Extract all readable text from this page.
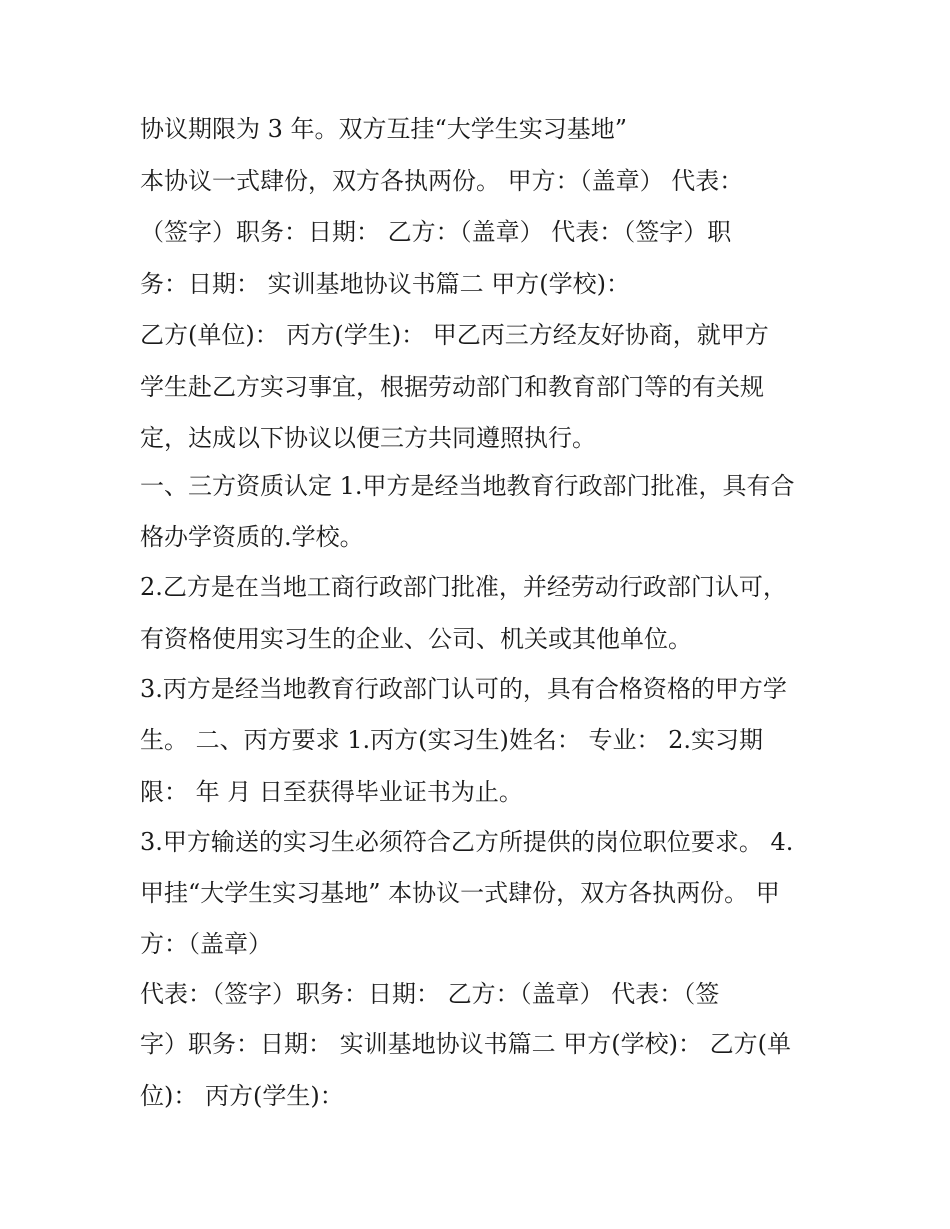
协议期限为 3 年。双方互挂“大学生实习基地”
本协议一式肆份，双方各执两份。 甲方：（盖章） 代表：
（签字）职务：日期： 乙方：（盖章） 代表：（签字）职
务：日期： 实训基地协议书篇二 甲方(学校)：
乙方(单位)： 丙方(学生)： 甲乙丙三方经友好协商，就甲方
学生赴乙方实习事宜，根据劳动部门和教育部门等的有关规
定，达成以下协议以便三方共同遵照执行。
一、三方资质认定 1.甲方是经当地教育行政部门批准，具有合
格办学资质的.学校。
2.乙方是在当地工商行政部门批准，并经劳动行政部门认可，
有资格使用实习生的企业、公司、机关或其他单位。
3.丙方是经当地教育行政部门认可的，具有合格资格的甲方学
生。 二、丙方要求 1.丙方(实习生)姓名： 专业： 2.实习期
限： 年 月 日至获得毕业证书为止。
3.甲方输送的实习生必须符合乙方所提供的岗位职位要求。 4.
甲挂“大学生实习基地” 本协议一式肆份，双方各执两份。 甲
方：（盖章）
代表：（签字）职务：日期： 乙方：（盖章） 代表：（签
字）职务：日期： 实训基地协议书篇二 甲方(学校)： 乙方(单
位)： 丙方(学生)：
